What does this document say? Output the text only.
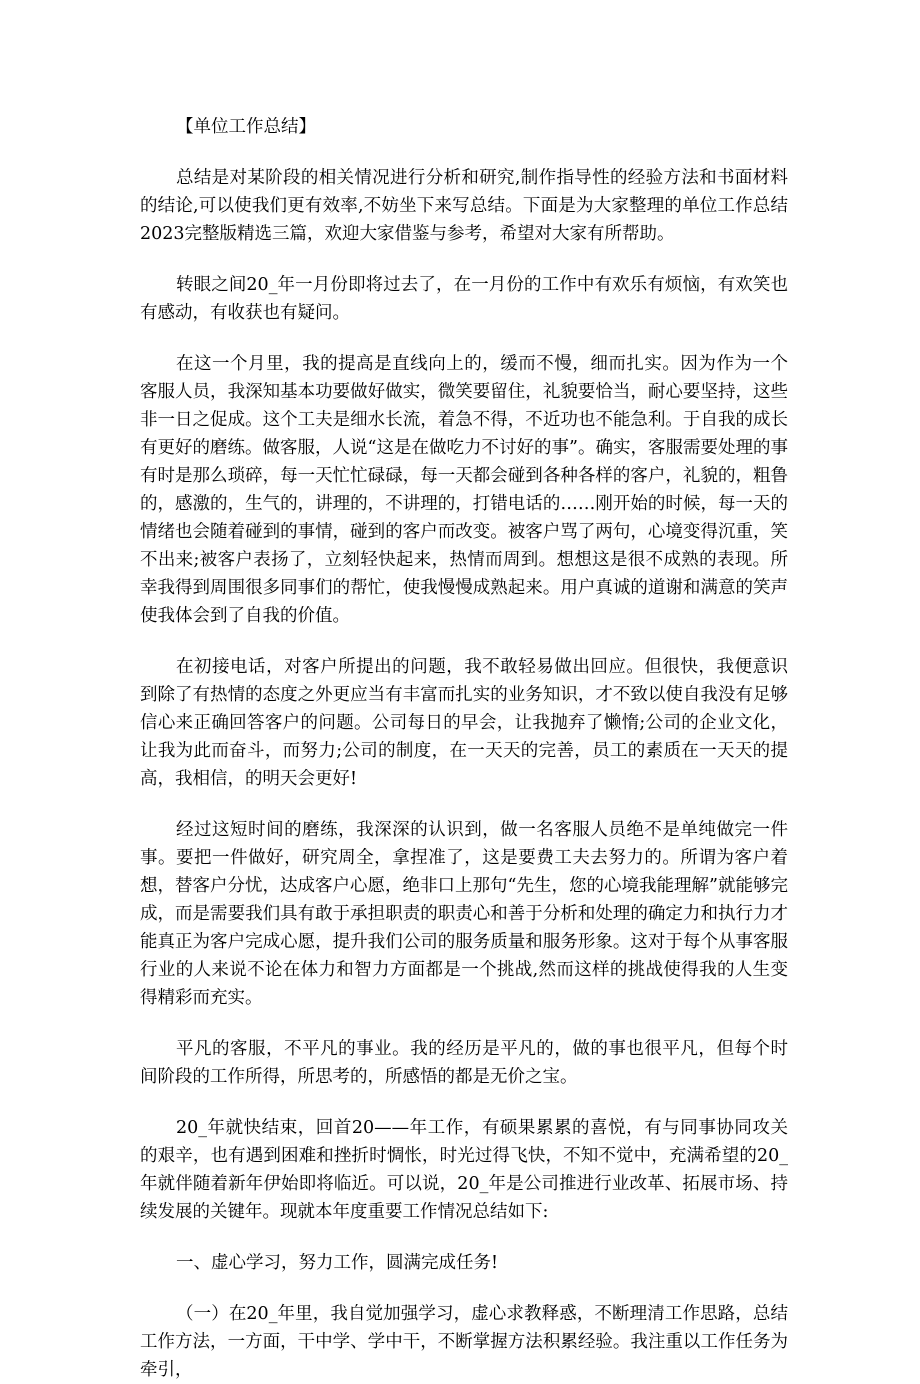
【单位工作总结】

总结是对某阶段的相关情况进行分析和研究,制作指导性的经验方法和书面材料的结论,可以使我们更有效率,不妨坐下来写总结。下面是为大家整理的单位工作总结2023完整版精选三篇，欢迎大家借鉴与参考，希望对大家有所帮助。

转眼之间20_年一月份即将过去了，在一月份的工作中有欢乐有烦恼，有欢笑也有感动，有收获也有疑问。

在这一个月里，我的提高是直线向上的，缓而不慢，细而扎实。因为作为一个客服人员，我深知基本功要做好做实，微笑要留住，礼貌要恰当，耐心要坚持，这些非一日之促成。这个工夫是细水长流，着急不得，不近功也不能急利。于自我的成长有更好的磨练。做客服，人说“这是在做吃力不讨好的事”。确实，客服需要处理的事有时是那么琐碎，每一天忙忙碌碌，每一天都会碰到各种各样的客户，礼貌的，粗鲁的，感激的，生气的，讲理的，不讲理的，打错电话的……刚开始的时候，每一天的情绪也会随着碰到的事情，碰到的客户而改变。被客户骂了两句，心境变得沉重，笑不出来;被客户表扬了，立刻轻快起来，热情而周到。想想这是很不成熟的表现。所幸我得到周围很多同事们的帮忙，使我慢慢成熟起来。用户真诚的道谢和满意的笑声使我体会到了自我的价值。

在初接电话，对客户所提出的问题，我不敢轻易做出回应。但很快，我便意识到除了有热情的态度之外更应当有丰富而扎实的业务知识，才不致以使自我没有足够信心来正确回答客户的问题。公司每日的早会，让我抛弃了懒惰;公司的企业文化，让我为此而奋斗，而努力;公司的制度，在一天天的完善，员工的素质在一天天的提高，我相信，的明天会更好!

经过这短时间的磨练，我深深的认识到，做一名客服人员绝不是单纯做完一件事。要把一件做好，研究周全，拿捏准了，这是要费工夫去努力的。所谓为客户着想，替客户分忧，达成客户心愿，绝非口上那句“先生，您的心境我能理解”就能够完成，而是需要我们具有敢于承担职责的职责心和善于分析和处理的确定力和执行力才能真正为客户完成心愿，提升我们公司的服务质量和服务形象。这对于每个从事客服行业的人来说不论在体力和智力方面都是一个挑战,然而这样的挑战使得我的人生变得精彩而充实。

平凡的客服，不平凡的事业。我的经历是平凡的，做的事也很平凡，但每个时间阶段的工作所得，所思考的，所感悟的都是无价之宝。

20_年就快结束，回首20——年工作，有硕果累累的喜悦，有与同事协同攻关的艰辛，也有遇到困难和挫折时惆怅，时光过得飞快，不知不觉中，充满希望的20_年就伴随着新年伊始即将临近。可以说，20_年是公司推进行业改革、拓展市场、持续发展的关键年。现就本年度重要工作情况总结如下:

一、虚心学习，努力工作，圆满完成任务!

（一）在20_年里，我自觉加强学习，虚心求教释惑，不断理清工作思路，总结工作方法，一方面，干中学、学中干，不断掌握方法积累经验。我注重以工作任务为牵引，
